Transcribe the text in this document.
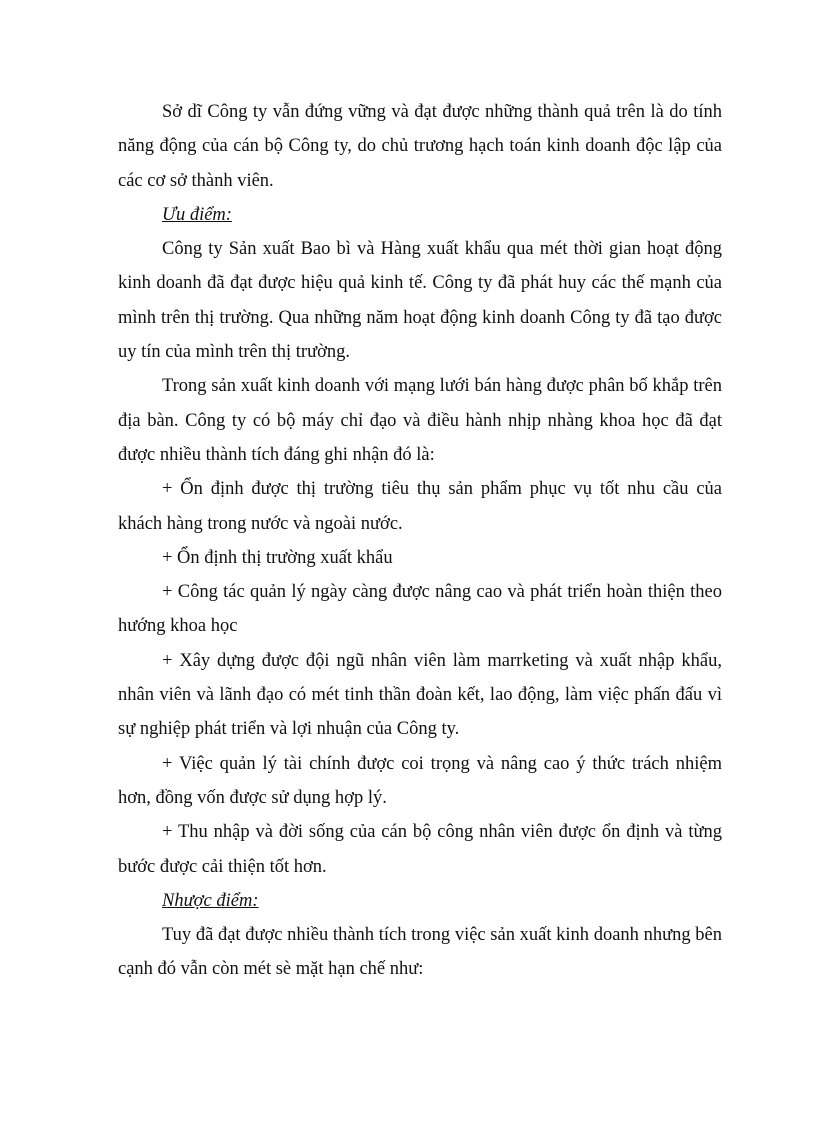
Sở dĩ Công ty vẫn đứng vững và đạt được những thành quả trên là do tính năng động của cán bộ Công ty, do chủ trương hạch toán kinh doanh độc lập của các cơ sở thành viên.

Ưu điểm:

Công ty Sản xuất Bao bì và Hàng xuất khẩu qua mét thời gian hoạt động kinh doanh đã đạt được hiệu quả kinh tế. Công ty đã phát huy các thế mạnh của mình trên thị trường. Qua những năm hoạt động kinh doanh Công ty đã tạo được uy tín của mình trên thị trường.

Trong sản xuất kinh doanh với mạng lưới bán hàng được phân bố khắp trên địa bàn. Công ty có bộ máy chỉ đạo và điều hành nhịp nhàng khoa học đã đạt được nhiều thành tích đáng ghi nhận đó là:

+ Ổn định được thị trường tiêu thụ sản phẩm phục vụ tốt nhu cầu của khách hàng trong nước và ngoài nước.

+ Ổn định thị trường xuất khẩu

+ Công tác quản lý ngày càng được nâng cao và phát triển hoàn thiện theo hướng khoa học

+ Xây dựng được đội ngũ nhân viên làm marrketing và xuất nhập khẩu, nhân viên và lãnh đạo có mét tinh thần đoàn kết, lao động, làm việc phấn đấu vì sự nghiệp phát triển và lợi nhuận của Công ty.

+ Việc quản lý tài chính được coi trọng và nâng cao ý thức trách nhiệm hơn, đồng vốn được sử dụng hợp lý.

+ Thu nhập và đời sống của cán bộ công nhân viên được ổn định và từng bước được cải thiện tốt hơn.

Nhược điểm:

Tuy đã đạt được nhiều thành tích trong việc sản xuất kinh doanh nhưng bên cạnh đó vẫn còn mét sè mặt hạn chế như:
